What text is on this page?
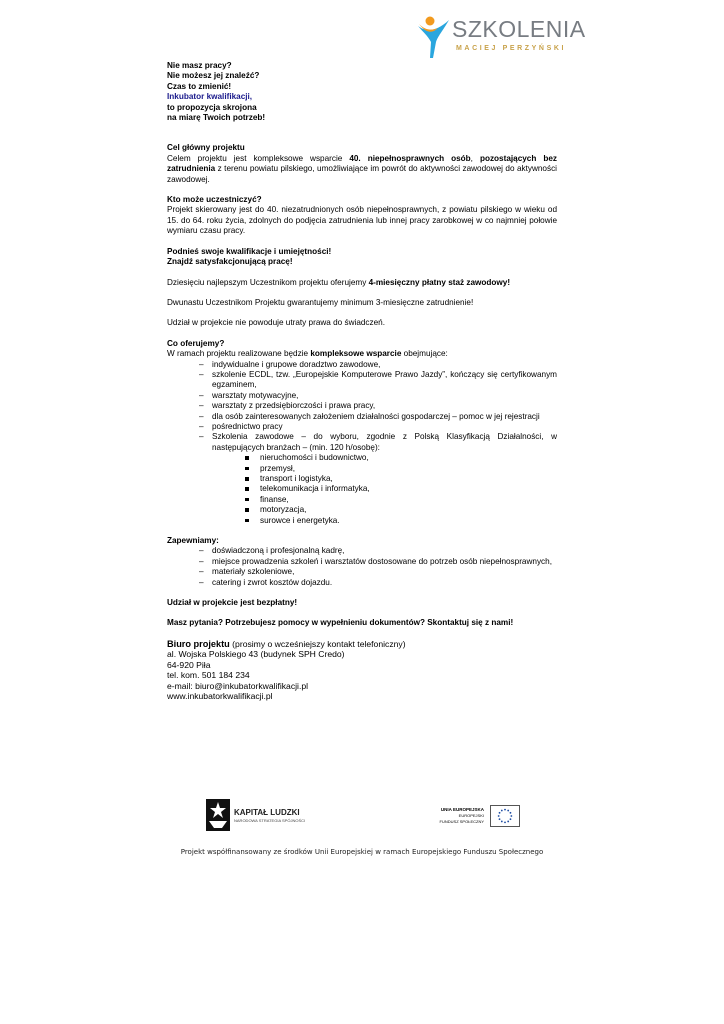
SZKOLENIA
MACIEJ PERZYŃSKI
Nie masz pracy?
Nie możesz jej znaleźć?
Czas to zmienić!
Inkubator kwalifikacji,
to propozycja skrojona
na miarę Twoich potrzeb!
Cel główny projektu

Celem projektu jest kompleksowe wsparcie 40. niepełnosprawnych osób, pozostających bez zatrudnienia z terenu powiatu pilskiego, umożliwiające im powrót do aktywności zawodowej do aktywności zawodowej.

Kto może uczestniczyć?

Projekt skierowany jest do 40. niezatrudnionych osób niepełnosprawnych, z powiatu pilskiego w wieku od 15. do 64. roku życia, zdolnych do podjęcia zatrudnienia lub innej pracy zarobkowej w co najmniej połowie wymiaru czasu pracy.

Podnieś swoje kwalifikacje i umiejętności!
Znajdź satysfakcjonującą pracę!

Dziesięciu najlepszym Uczestnikom projektu oferujemy 4-miesięczny płatny staż zawodowy!

Dwunastu Uczestnikom Projektu gwarantujemy minimum 3-miesięczne zatrudnienie!

Udział w projekcie nie powoduje utraty prawa do świadczeń.

Co oferujemy?

W ramach projektu realizowane będzie kompleksowe wsparcie obejmujące:

– indywidualne i grupowe doradztwo zawodowe,
– szkolenie ECDL, tzw. „Europejskie Komputerowe Prawo Jazdy”, kończący się certyfikowanym egzaminem,
– warsztaty motywacyjne,
– warsztaty z przedsiębiorczości i prawa pracy,
– dla osób zainteresowanych założeniem działalności gospodarczej – pomoc w jej rejestracji
– pośrednictwo pracy
– Szkolenia zawodowe – do wyboru, zgodnie z Polską Klasyfikacją Działalności, w następujących branżach – (min. 120 h/osobę):
nieruchomości i budownictwo,
przemysł,
transport i logistyka,
telekomunikacja i informatyka,
finanse,
motoryzacja,
surowce i energetyka.
Zapewniamy:
– doświadczoną i profesjonalną kadrę,
– miejsce prowadzenia szkoleń i warsztatów dostosowane do potrzeb osób niepełnosprawnych,
– materiały szkoleniowe,
– catering i zwrot kosztów dojazdu.
Udział w projekcie jest bezpłatny!
Masz pytania? Potrzebujesz pomocy w wypełnieniu dokumentów? Skontaktuj się z nami!
Biuro projektu (prosimy o wcześniejszy kontakt telefoniczny)
al. Wojska Polskiego 43 (budynek SPH Credo)
64-920 Piła
tel. kom. 501 184 234
e-mail: biuro@inkubatorkwalifikacji.pl
www.inkubatorkwalifikacji.pl
KAPITAŁ LUDZKI
NARODOWA STRATEGIA SPÓJNOŚCI
UNIA EUROPEJSKA
EUROPEJSKI
FUNDUSZ SPOŁECZNY
Projekt współfinansowany ze środków Unii Europejskiej w ramach Europejskiego Funduszu Społecznego
